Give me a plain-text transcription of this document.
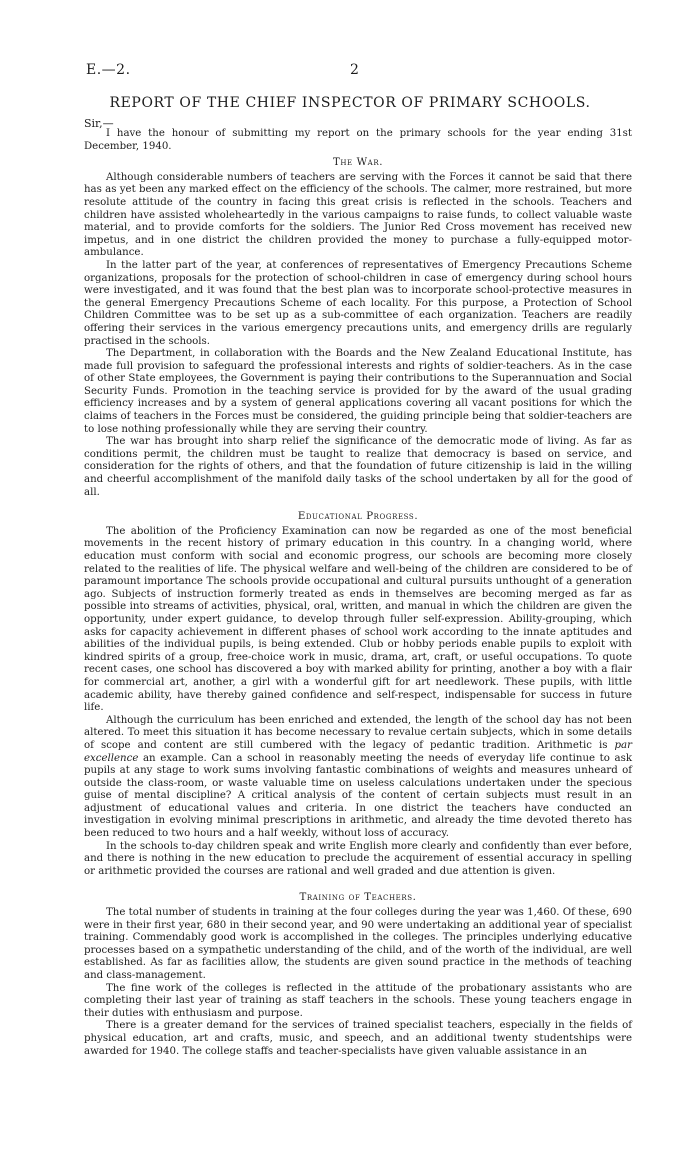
E.—2.	2
REPORT OF THE CHIEF INSPECTOR OF PRIMARY SCHOOLS.
Sir,—

I have the honour of submitting my report on the primary schools for the year ending 31st December, 1940.

The War.

Although considerable numbers of teachers are serving with the Forces it cannot be said that there has as yet been any marked effect on the efficiency of the schools. The calmer, more restrained, but more resolute attitude of the country in facing this great crisis is reflected in the schools. Teachers and children have assisted wholeheartedly in the various campaigns to raise funds, to collect valuable waste material, and to provide comforts for the soldiers. The Junior Red Cross movement has received new impetus, and in one district the children provided the money to purchase a fully-equipped motor-ambulance.

In the latter part of the year, at conferences of representatives of Emergency Precautions Scheme organizations, proposals for the protection of school-children in case of emergency during school hours were investigated, and it was found that the best plan was to incorporate school-protective measures in the general Emergency Precautions Scheme of each locality. For this purpose, a Protection of School Children Committee was to be set up as a sub-committee of each organization. Teachers are readily offering their services in the various emergency precautions units, and emergency drills are regularly practised in the schools.

The Department, in collaboration with the Boards and the New Zealand Educational Institute, has made full provision to safeguard the professional interests and rights of soldier-teachers. As in the case of other State employees, the Government is paying their contributions to the Superannuation and Social Security Funds. Promotion in the teaching service is provided for by the award of the usual grading efficiency increases and by a system of general applications covering all vacant positions for which the claims of teachers in the Forces must be considered, the guiding principle being that soldier-teachers are to lose nothing professionally while they are serving their country.

The war has brought into sharp relief the significance of the democratic mode of living. As far as conditions permit, the children must be taught to realize that democracy is based on service, and consideration for the rights of others, and that the foundation of future citizenship is laid in the willing and cheerful accomplishment of the manifold daily tasks of the school undertaken by all for the good of all.

Educational Progress.

The abolition of the Proficiency Examination can now be regarded as one of the most beneficial movements in the recent history of primary education in this country. In a changing world, where education must conform with social and economic progress, our schools are becoming more closely related to the realities of life. The physical welfare and well-being of the children are considered to be of paramount importance The schools provide occupational and cultural pursuits unthought of a generation ago. Subjects of instruction formerly treated as ends in themselves are becoming merged as far as possible into streams of activities, physical, oral, written, and manual in which the children are given the opportunity, under expert guidance, to develop through fuller self-expression. Ability-grouping, which asks for capacity achievement in different phases of school work according to the innate aptitudes and abilities of the individual pupils, is being extended. Club or hobby periods enable pupils to exploit with kindred spirits of a group, free-choice work in music, drama, art, craft, or useful occupations. To quote recent cases, one school has discovered a boy with marked ability for printing, another a boy with a flair for commercial art, another, a girl with a wonderful gift for art needlework. These pupils, with little academic ability, have thereby gained confidence and self-respect, indispensable for success in future life.

Although the curriculum has been enriched and extended, the length of the school day has not been altered. To meet this situation it has become necessary to revalue certain subjects, which in some details of scope and content are still cumbered with the legacy of pedantic tradition. Arithmetic is par excellence an example. Can a school in reasonably meeting the needs of everyday life continue to ask pupils at any stage to work sums involving fantastic combinations of weights and measures unheard of outside the class-room, or waste valuable time on useless calculations undertaken under the specious guise of mental discipline? A critical analysis of the content of certain subjects must result in an adjustment of educational values and criteria. In one district the teachers have conducted an investigation in evolving minimal prescriptions in arithmetic, and already the time devoted thereto has been reduced to two hours and a half weekly, without loss of accuracy.

In the schools to-day children speak and write English more clearly and confidently than ever before, and there is nothing in the new education to preclude the acquirement of essential accuracy in spelling or arithmetic provided the courses are rational and well graded and due attention is given.

Training of Teachers.

The total number of students in training at the four colleges during the year was 1,460. Of these, 690 were in their first year, 680 in their second year, and 90 were undertaking an additional year of specialist training. Commendably good work is accomplished in the colleges. The principles underlying educative processes based on a sympathetic understanding of the child, and of the worth of the individual, are well established. As far as facilities allow, the students are given sound practice in the methods of teaching and class-management.

The fine work of the colleges is reflected in the attitude of the probationary assistants who are completing their last year of training as staff teachers in the schools. These young teachers engage in their duties with enthusiasm and purpose.

There is a greater demand for the services of trained specialist teachers, especially in the fields of physical education, art and crafts, music, and speech, and an additional twenty studentships were awarded for 1940. The college staffs and teacher-specialists have given valuable assistance in an
